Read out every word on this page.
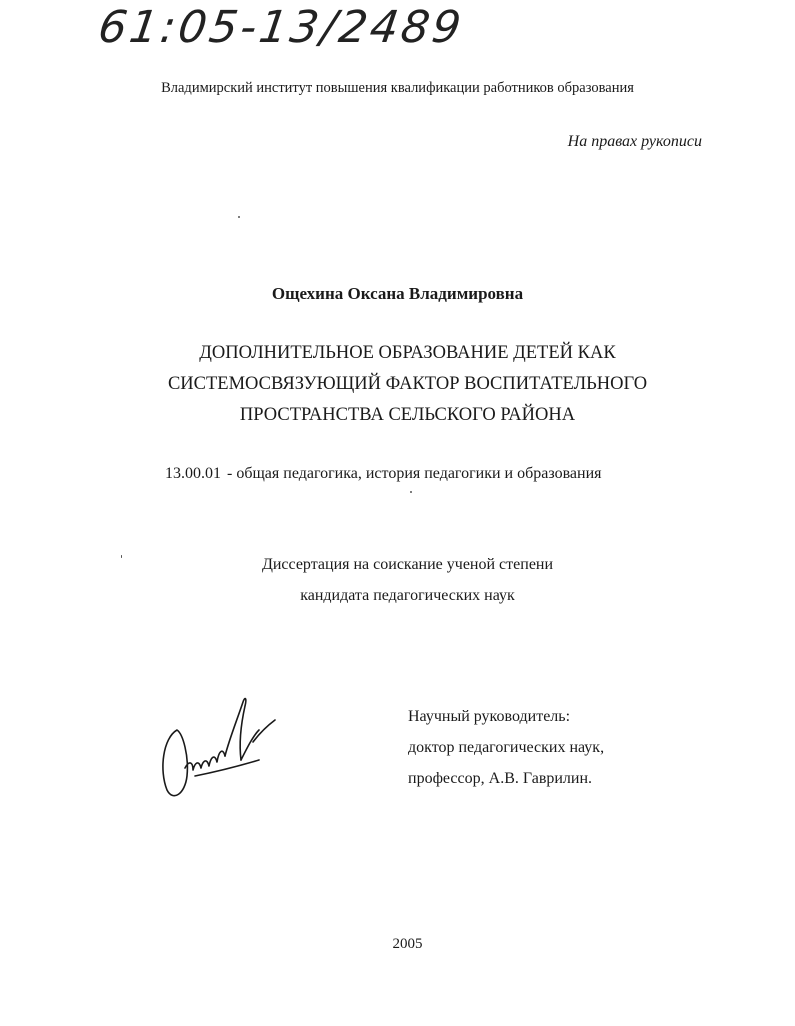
61:05-13/2489
Владимирский институт повышения квалификации работников образования
На правах рукописи
Ощехина Оксана Владимировна
ДОПОЛНИТЕЛЬНОЕ ОБРАЗОВАНИЕ ДЕТЕЙ КАК
СИСТЕМОСВЯЗУЮЩИЙ ФАКТОР ВОСПИТАТЕЛЬНОГО
ПРОСТРАНСТВА СЕЛЬСКОГО РАЙОНА
13.00.01 - общая педагогика, история педагогики и образования
Диссертация на соискание ученой степени
кандидата педагогических наук
Научный руководитель:
доктор педагогических наук,
профессор, А.В. Гаврилин.
2005
